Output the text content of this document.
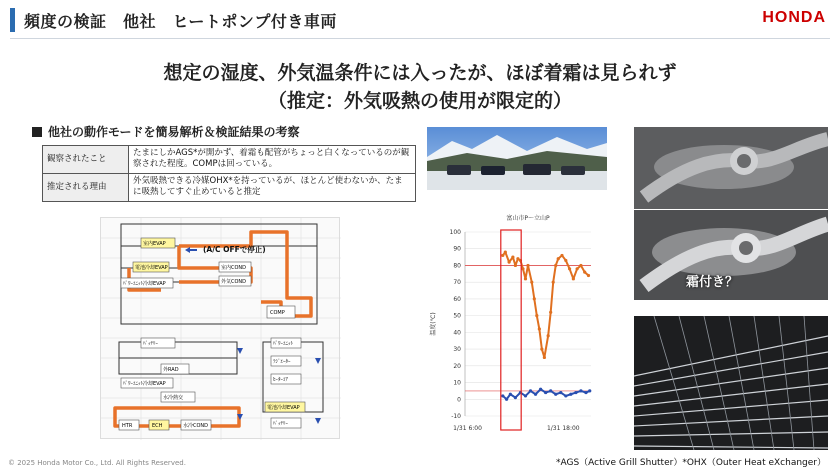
頻度の検証　他社　ヒートポンプ付き車両	HONDA
想定の湿度、外気温条件には入ったが、ほぼ着霜は見られず
（推定：外気吸熱の使用が限定的）
他社の動作モードを簡易解析＆検証結果の考察
観察されたこと	たまにしかAGS*が開かず、着霜も配管がちょっと白くなっているのが観察された程度。COMPは回っている。
推定される理由	外気吸熱できる冷媒OHX*を持っているが、ほとんど使わないか、たまに吸熱してすぐ止めていると推定
室内EVAP
電池冷却EVAP
ﾊﾟﾜｰﾕﾆｯﾄ冷却EVAP
室内COND
外気COND
COMP
(A/C OFFで停止)
ﾊﾞｯﾃﾘｰ	ﾊﾟﾜｰﾕﾆｯﾄ
ﾗｼﾞｴｰﾀｰ
ﾊﾟﾜｰﾕﾆｯﾄ冷却EVAP
外RAD
水冷熱交
HTR	ECH	水冷COND
ﾋｰﾀｰｺｱ
電池冷却EVAP
ﾊﾞｯﾃﾘｰ
富山市P〜立山P
温度(℃)
-10
0
10
20
30
40
50
60
70
80
90
100
1/31 6:00	1/31 18:00
霜付き？
© 2025 Honda Motor Co., Ltd. All Rights Reserved.	*AGS（Active Grill Shutter）*OHX（Outer Heat eXchanger）
